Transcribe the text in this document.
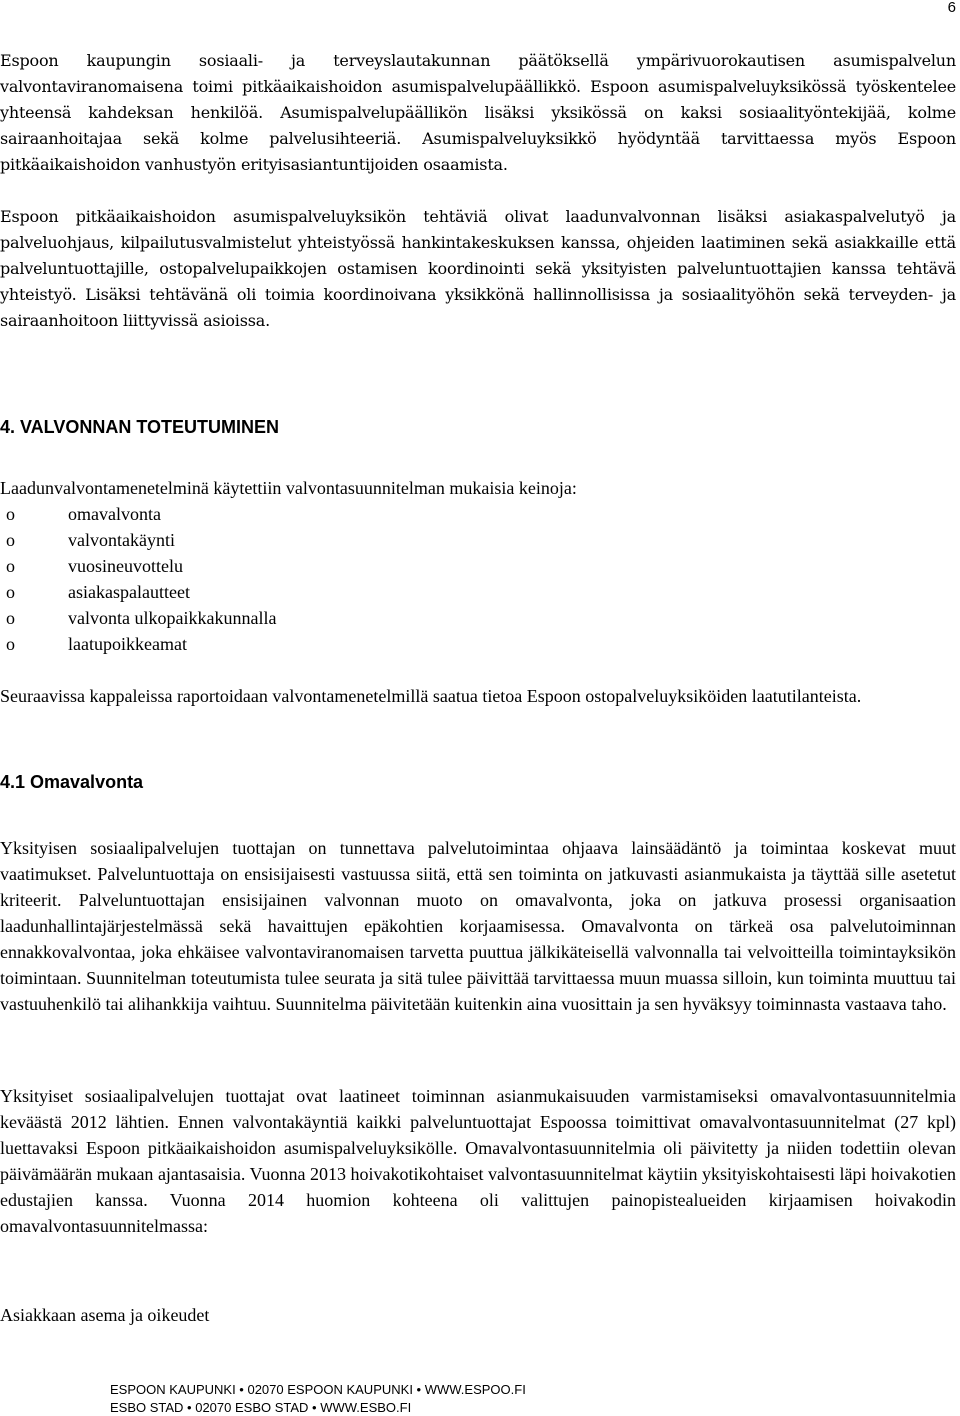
6

Espoon kaupungin sosiaali- ja terveyslautakunnan päätöksellä ympärivuorokautisen asumispalvelun valvontaviranomaisena toimi pitkäaikaishoidon asumispalvelupäällikkö. Espoon asumispalveluyksikössä työskentelee yhteensä kahdeksan henkilöä. Asumispalvelupäällikön lisäksi yksikössä on kaksi sosiaalityöntekijää, kolme sairaanhoitajaa sekä kolme palvelusihteeriä. Asumispalveluyksikkö hyödyntää tarvittaessa myös Espoon pitkäaikaishoidon vanhustyön erityisasiantuntijoiden osaamista.

Espoon pitkäaikaishoidon asumispalveluyksikön tehtäviä olivat laadunvalvonnan lisäksi asiakaspalvelutyö ja palveluohjaus, kilpailutusvalmistelut yhteistyössä hankintakeskuksen kanssa, ohjeiden laatiminen sekä asiakkaille että palveluntuottajille, ostopalvelupaikkojen ostamisen koordinointi sekä yksityisten palveluntuottajien kanssa tehtävä yhteistyö. Lisäksi tehtävänä oli toimia koordinoivana yksikkönä hallinnollisissa ja sosiaalityöhön sekä terveyden- ja sairaanhoitoon liittyvissä asioissa.

4. VALVONNAN TOTEUTUMINEN

Laadunvalvontamenetelminä käytettiin valvontasuunnitelman mukaisia keinoja:

o	omavalvonta
o	valvontakäynti
o	vuosineuvottelu
o	asiakaspalautteet
o	valvonta ulkopaikkakunnalla
o	laatupoikkeamat

Seuraavissa kappaleissa raportoidaan valvontamenetelmillä saatua tietoa Espoon ostopalveluyksiköiden laatutilanteista.

4.1 Omavalvonta

Yksityisen sosiaalipalvelujen tuottajan on tunnettava palvelutoimintaa ohjaava lainsäädäntö ja toimintaa koskevat muut vaatimukset. Palveluntuottaja on ensisijaisesti vastuussa siitä, että sen toiminta on jatkuvasti asianmukaista ja täyttää sille asetetut kriteerit. Palveluntuottajan ensisijainen valvonnan muoto on omavalvonta, joka on jatkuva prosessi organisaation laadunhallintajärjestelmässä sekä havaittujen epäkohtien korjaamisessa. Omavalvonta on tärkeä osa palvelutoiminnan ennakkovalvontaa, joka ehkäisee valvontaviranomaisen tarvetta puuttua jälkikäteisellä valvonnalla tai velvoitteilla toimintayksikön toimintaan. Suunnitelman toteutumista tulee seurata ja sitä tulee päivittää tarvittaessa muun muassa silloin, kun toiminta muuttuu tai vastuuhenkilö tai alihankkija vaihtuu. Suunnitelma päivitetään kuitenkin aina vuosittain ja sen hyväksyy toiminnasta vastaava taho.

Yksityiset sosiaalipalvelujen tuottajat ovat laatineet toiminnan asianmukaisuuden varmistamiseksi omavalvontasuunnitelmia keväästä 2012 lähtien. Ennen valvontakäyntiä kaikki palveluntuottajat Espoossa toimittivat omavalvontasuunnitelmat (27 kpl) luettavaksi Espoon pitkäaikaishoidon asumispalveluyksikölle. Omavalvontasuunnitelmia oli päivitetty ja niiden todettiin olevan päivämäärän mukaan ajantasaisia. Vuonna 2013 hoivakotikohtaiset valvontasuunnitelmat käytiin yksityiskohtaisesti läpi hoivakotien edustajien kanssa. Vuonna 2014 huomion kohteena oli valittujen painopistealueiden kirjaamisen hoivakodin omavalvontasuunnitelmassa:

Asiakkaan asema ja oikeudet

ESPOON KAUPUNKI • 02070 ESPOON KAUPUNKI • WWW.ESPOO.FI
ESBO STAD • 02070 ESBO STAD • WWW.ESBO.FI
